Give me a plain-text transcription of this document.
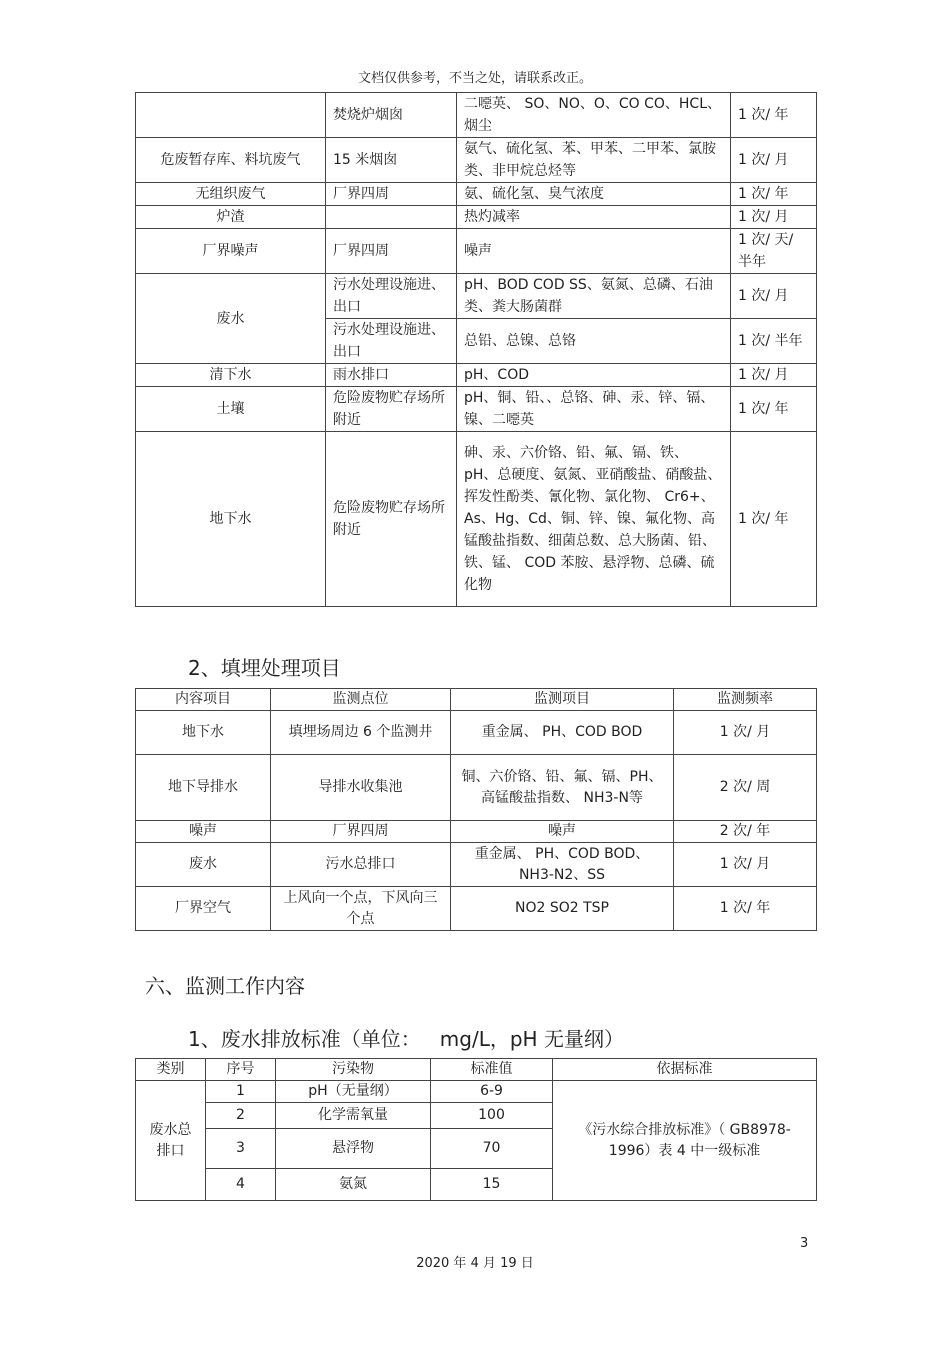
文档仅供参考，不当之处，请联系改正。
	焚烧炉烟囱	二噁英、 SO、NO、O、CO CO、HCL、烟尘	1 次/ 年
危废暂存库、料坑废气	15 米烟囱	氨气、硫化氢、苯、甲苯、二甲苯、氯胺类、非甲烷总烃等	1 次/ 月
无组织废气	厂界四周	氨、硫化氢、臭气浓度	1 次/ 年
炉渣		热灼减率	1 次/ 月
厂界噪声	厂界四周	噪声	1 次/ 天/ 半年
废水	污水处理设施进、出口	pH、BOD COD SS、氨氮、总磷、石油类、粪大肠菌群	1 次/ 月
	污水处理设施进、出口	总铅、总镍、总铬	1 次/ 半年
清下水	雨水排口	pH、COD	1 次/ 月
土壤	危险废物贮存场所附近	pH、铜、铅、、总铬、砷、汞、锌、镉、镍、二噁英	1 次/ 年
地下水	危险废物贮存场所附近	砷、汞、六价铬、铅、氟、镉、铁、 pH、总硬度、氨氮、亚硝酸盐、硝酸盐、挥发性酚类、氰化物、氯化物、 Cr6+、As、Hg、Cd、铜、锌、镍、氟化物、高锰酸盐指数、细菌总数、总大肠菌、铅、铁、锰、 COD 苯胺、悬浮物、总磷、硫化物	1 次/ 年
2、填埋处理项目
内容项目	监测点位	监测项目	监测频率
地下水	填埋场周边 6 个监测井	重金属、 PH、COD BOD	1 次/ 月
地下导排水	导排水收集池	铜、六价铬、铅、氟、镉、PH、高锰酸盐指数、 NH3-N等	2 次/ 周
噪声	厂界四周	噪声	2 次/ 年
废水	污水总排口	重金属、 PH、COD BOD、NH3-N2、SS	1 次/ 月
厂界空气	上风向一个点，下风向三个点	NO2 SO2 TSP	1 次/ 年
六、监测工作内容
1、废水排放标准（单位：   mg/L，pH 无量纲）
类别	序号	污染物	标准值	依据标准
废水总排口	1	pH（无量纲）	6-9	《污水综合排放标准》（ GB8978-1996）表 4 中一级标准
	2	化学需氧量	100	
	3	悬浮物	70	
	4	氨氮	15	
3
2020 年 4 月 19 日
